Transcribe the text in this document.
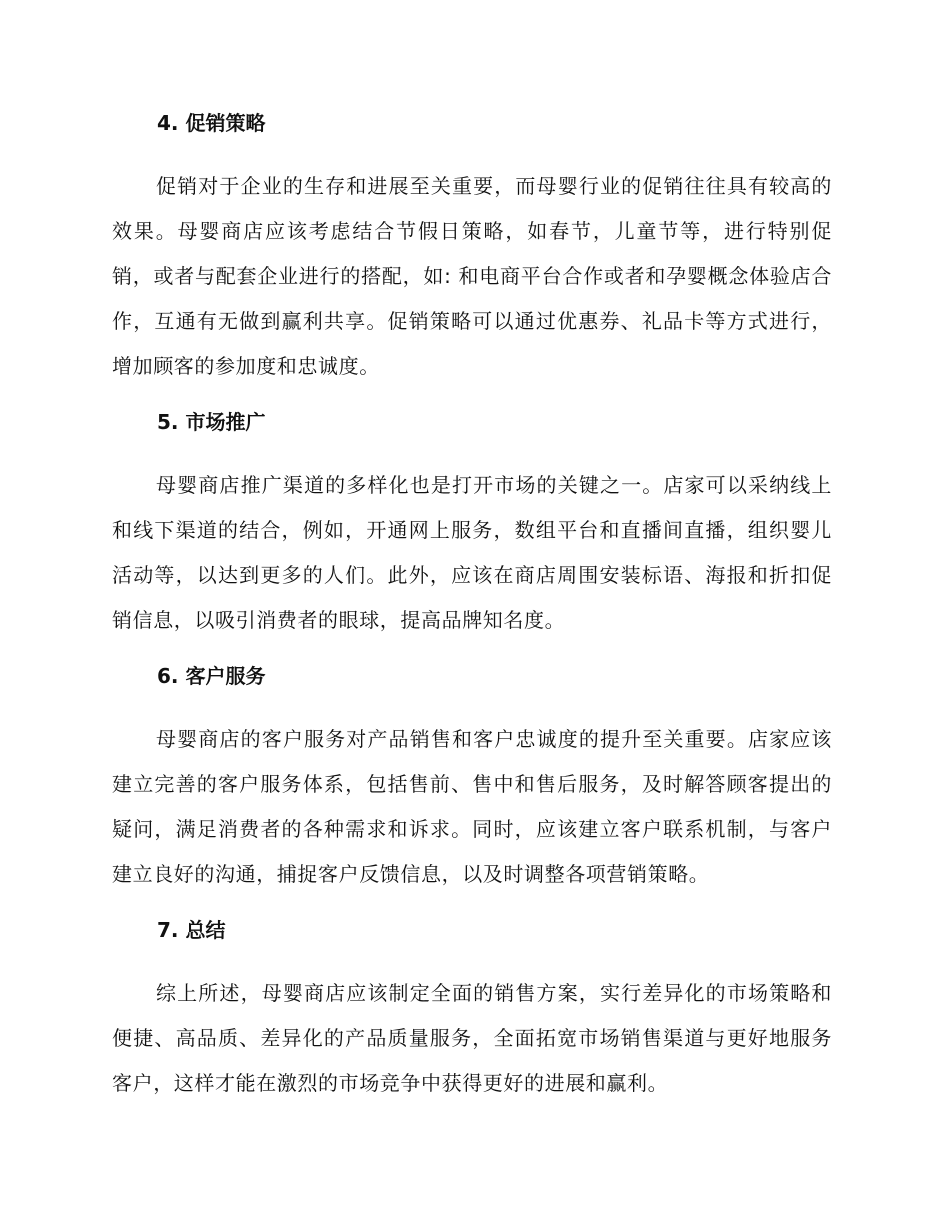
4. 促销策略

促销对于企业的生存和进展至关重要，而母婴行业的促销往往具有较高的效果。母婴商店应该考虑结合节假日策略，如春节，儿童节等，进行特别促销，或者与配套企业进行的搭配，如: 和电商平台合作或者和孕婴概念体验店合作，互通有无做到赢利共享。促销策略可以通过优惠券、礼品卡等方式进行，增加顾客的参加度和忠诚度。

5. 市场推广

母婴商店推广渠道的多样化也是打开市场的关键之一。店家可以采纳线上和线下渠道的结合，例如，开通网上服务，数组平台和直播间直播，组织婴儿活动等，以达到更多的人们。此外，应该在商店周围安装标语、海报和折扣促销信息，以吸引消费者的眼球，提高品牌知名度。

6. 客户服务

母婴商店的客户服务对产品销售和客户忠诚度的提升至关重要。店家应该建立完善的客户服务体系，包括售前、售中和售后服务，及时解答顾客提出的疑问，满足消费者的各种需求和诉求。同时，应该建立客户联系机制，与客户建立良好的沟通，捕捉客户反馈信息，以及时调整各项营销策略。

7. 总结

综上所述，母婴商店应该制定全面的销售方案，实行差异化的市场策略和便捷、高品质、差异化的产品质量服务，全面拓宽市场销售渠道与更好地服务客户，这样才能在激烈的市场竞争中获得更好的进展和赢利。
